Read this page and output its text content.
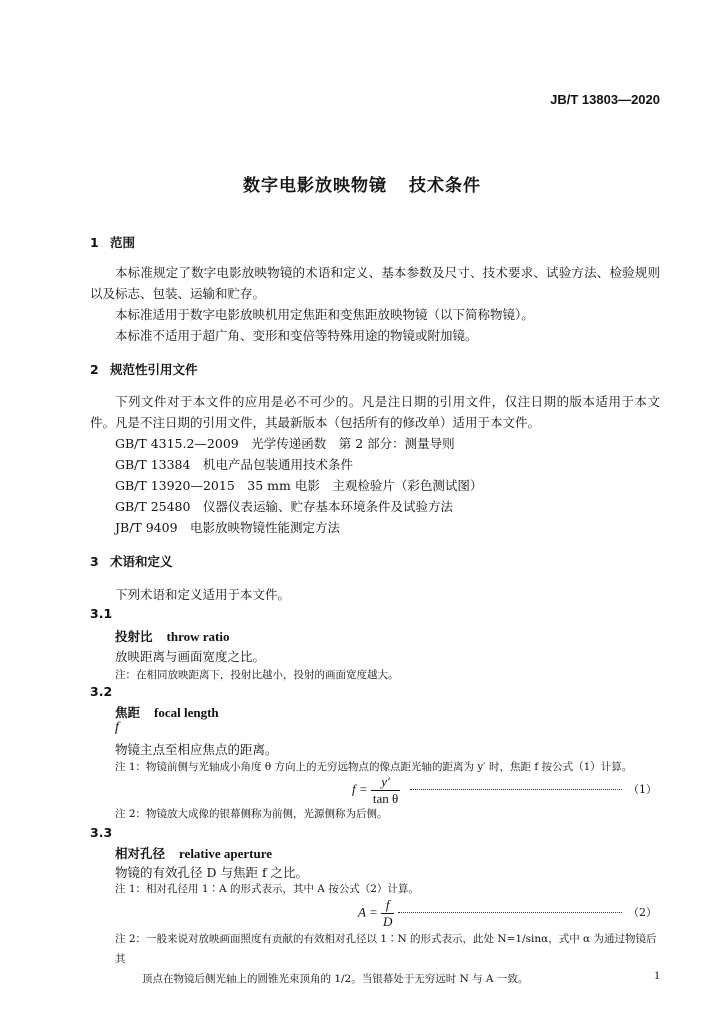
JB/T 13803—2020
数字电影放映物镜 技术条件
1 范围
本标准规定了数字电影放映物镜的术语和定义、基本参数及尺寸、技术要求、试验方法、检验规则以及标志、包装、运输和贮存。
本标准适用于数字电影放映机用定焦距和变焦距放映物镜（以下简称物镜）。
本标准不适用于超广角、变形和变倍等特殊用途的物镜或附加镜。
2 规范性引用文件
下列文件对于本文件的应用是必不可少的。凡是注日期的引用文件，仅注日期的版本适用于本文件。凡是不注日期的引用文件，其最新版本（包括所有的修改单）适用于本文件。
GB/T 4315.2—2009　光学传递函数　第 2 部分：测量导则
GB/T 13384　机电产品包装通用技术条件
GB/T 13920—2015　35 mm 电影　主观检验片（彩色测试图）
GB/T 25480　仪器仪表运输、贮存基本环境条件及试验方法
JB/T 9409　电影放映物镜性能测定方法
3 术语和定义
下列术语和定义适用于本文件。
3.1
投射比 throw ratio
放映距离与画面宽度之比。
注：在相同放映距离下，投射比越小，投射的画面宽度越大。
3.2
焦距 focal length
f
物镜主点至相应焦点的距离。
注 1：物镜前侧与光轴成小角度 θ 方向上的无穷远物点的像点距光轴的距离为 y′ 时，焦距 f 按公式（1）计算。
$f = \frac{y'}{\text{tan θ}}$	（1）
注 2：物镜放大成像的银幕侧称为前侧，光源侧称为后侧。
3.3
相对孔径 relative aperture
物镜的有效孔径 D 与焦距 f 之比。
注 1：相对孔径用 1∶A 的形式表示，其中 A 按公式（2）计算。
$A = \frac{f}{D}$	（2）
注 2：一般来说对放映画面照度有贡献的有效相对孔径以 1∶N 的形式表示，此处 N=1/sinα，式中 α 为通过物镜后其
顶点在物镜后侧光轴上的圆锥光束顶角的 1/2。当银幕处于无穷远时 N 与 A 一致。	1
